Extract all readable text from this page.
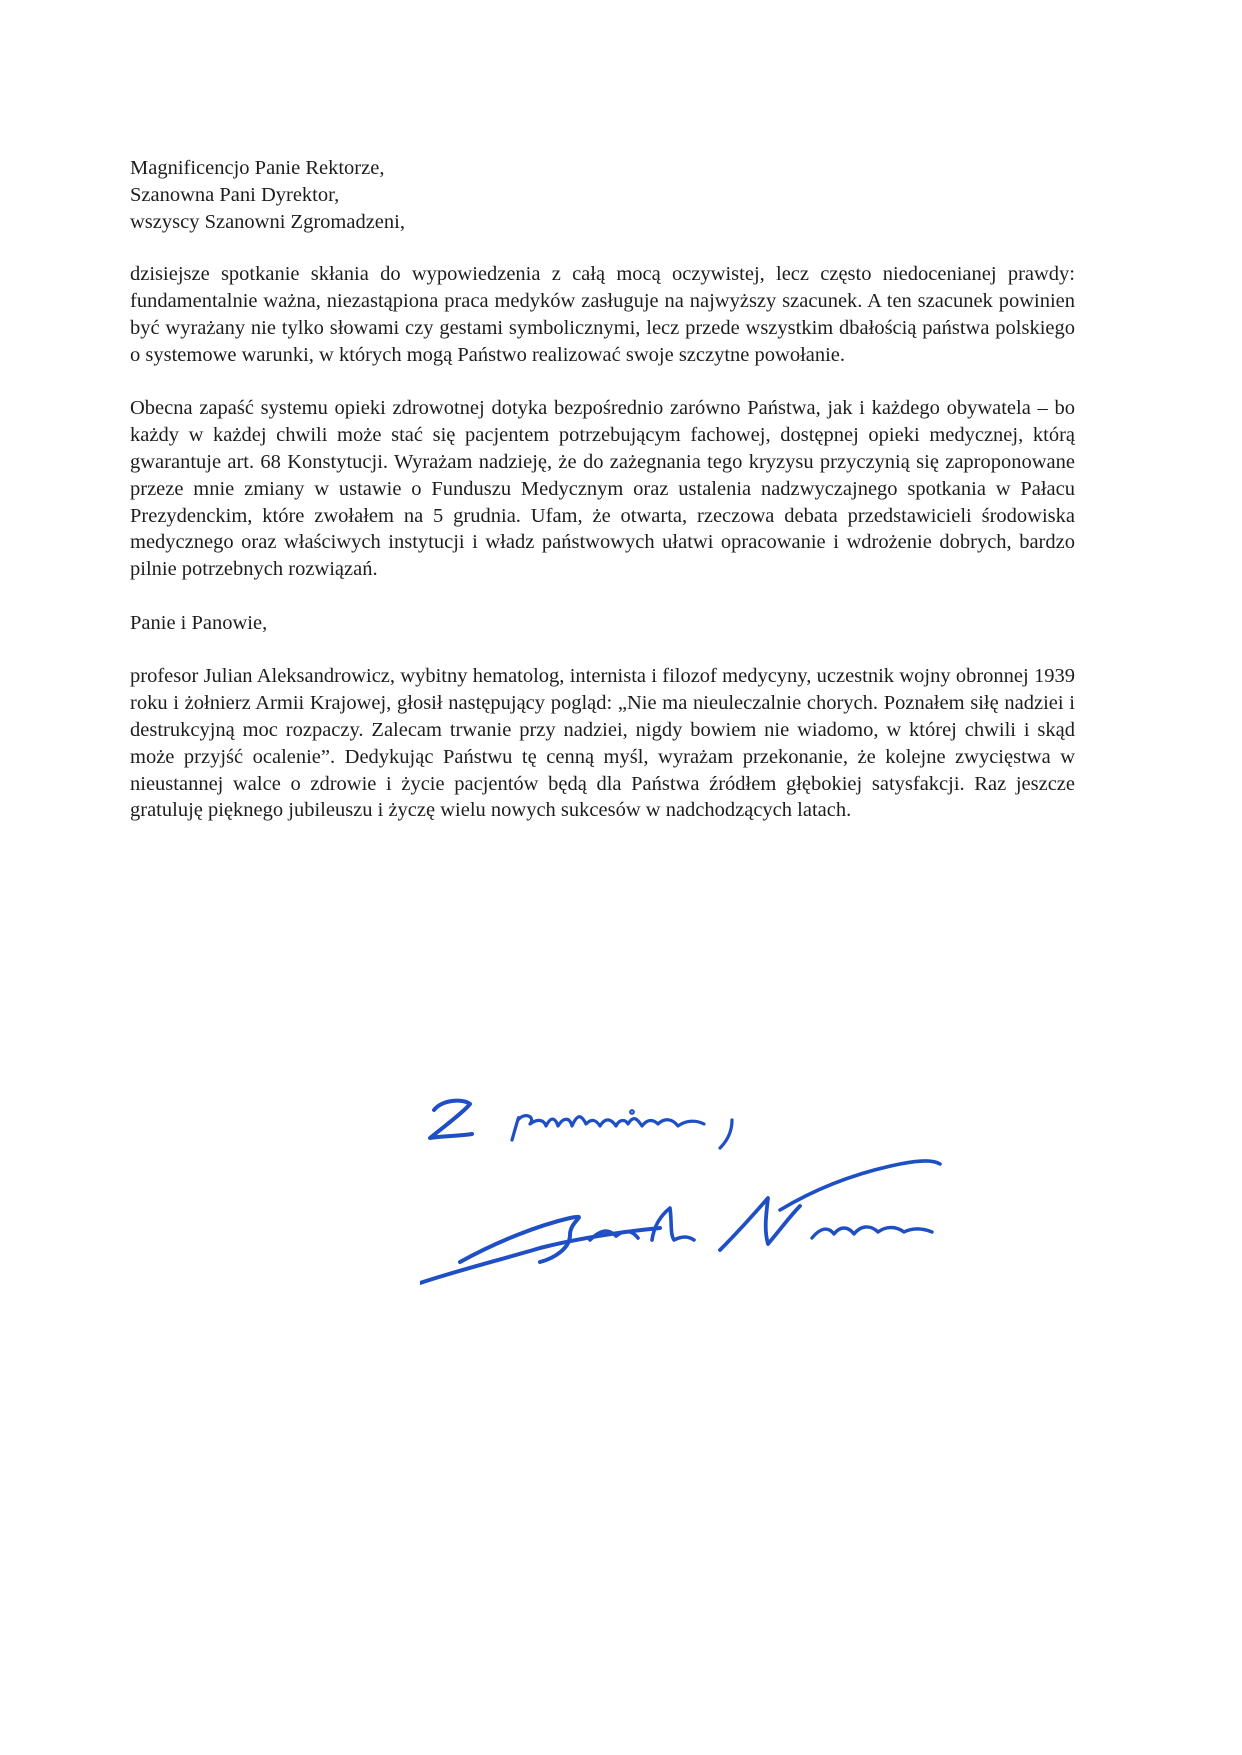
Magnificencjo Panie Rektorze,
Szanowna Pani Dyrektor,
wszyscy Szanowni Zgromadzeni,

dzisiejsze spotkanie skłania do wypowiedzenia z całą mocą oczywistej, lecz często niedocenianej prawdy: fundamentalnie ważna, niezastąpiona praca medyków zasługuje na najwyższy szacunek. A ten szacunek powinien być wyrażany nie tylko słowami czy gestami symbolicznymi, lecz przede wszystkim dbałością państwa polskiego o systemowe warunki, w których mogą Państwo realizować swoje szczytne powołanie.

Obecna zapaść systemu opieki zdrowotnej dotyka bezpośrednio zarówno Państwa, jak i każdego obywatela – bo każdy w każdej chwili może stać się pacjentem potrzebującym fachowej, dostępnej opieki medycznej, którą gwarantuje art. 68 Konstytucji. Wyrażam nadzieję, że do zażegnania tego kryzysu przyczynią się zaproponowane przeze mnie zmiany w ustawie o Funduszu Medycznym oraz ustalenia nadzwyczajnego spotkania w Pałacu Prezydenckim, które zwołałem na 5 grudnia. Ufam, że otwarta, rzeczowa debata przedstawicieli środowiska medycznego oraz właściwych instytucji i władz państwowych ułatwi opracowanie i wdrożenie dobrych, bardzo pilnie potrzebnych rozwiązań.

Panie i Panowie,

profesor Julian Aleksandrowicz, wybitny hematolog, internista i filozof medycyny, uczestnik wojny obronnej 1939 roku i żołnierz Armii Krajowej, głosił następujący pogląd: „Nie ma nieuleczalnie chorych. Poznałem siłę nadziei i destrukcyjną moc rozpaczy. Zalecam trwanie przy nadziei, nigdy bowiem nie wiadomo, w której chwili i skąd może przyjść ocalenie”. Dedykując Państwu tę cenną myśl, wyrażam przekonanie, że kolejne zwycięstwa w nieustannej walce o zdrowie i życie pacjentów będą dla Państwa źródłem głębokiej satysfakcji. Raz jeszcze gratuluję pięknego jubileuszu i życzę wielu nowych sukcesów w nadchodzących latach.
